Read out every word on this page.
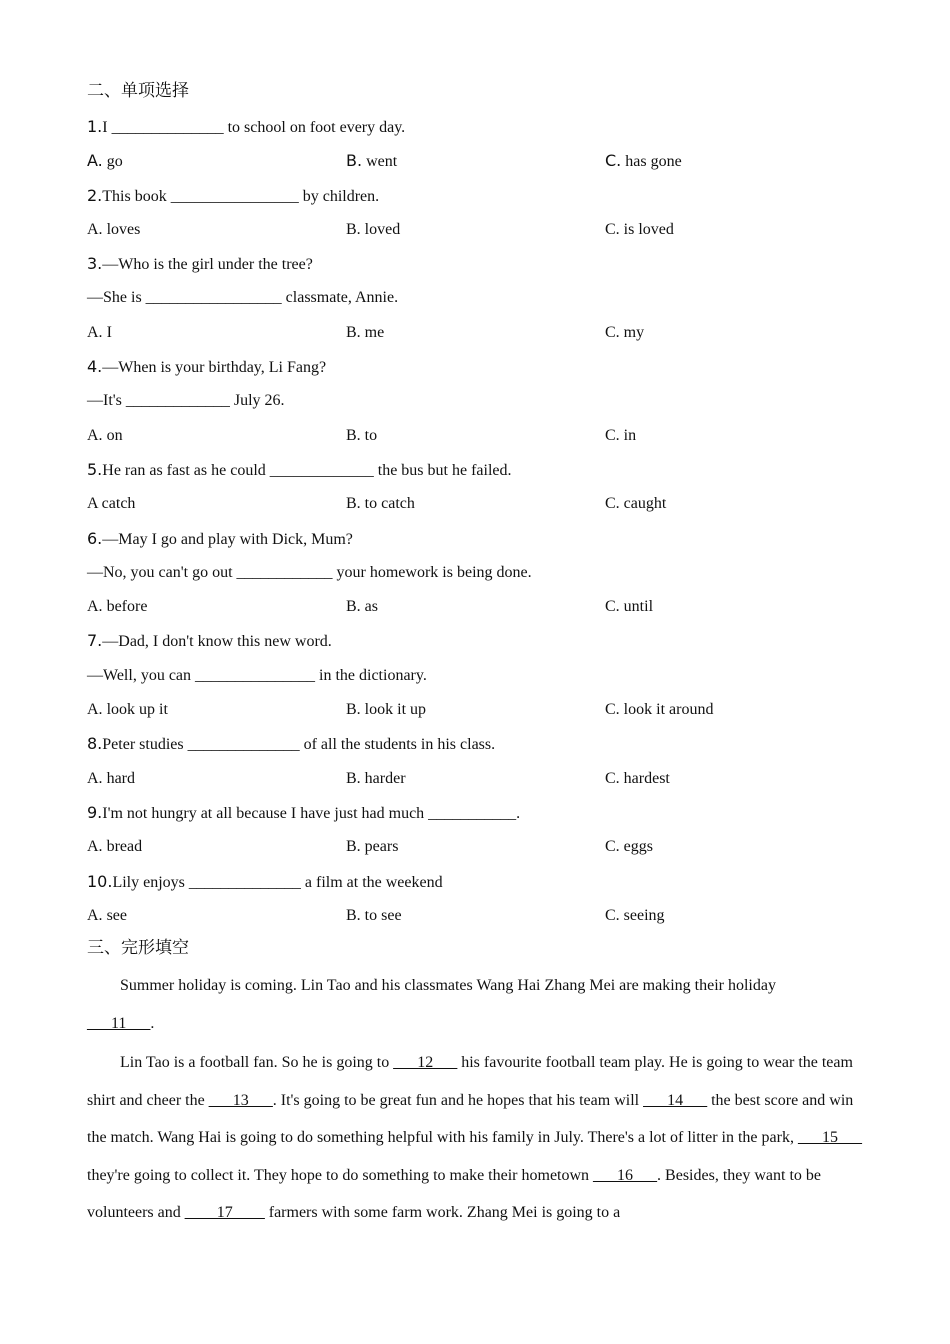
二、单项选择
1.I ______________ to school on foot every day.
A. go	B. went	C. has gone
2.This book ________________ by children.
A. loves	B. loved	C. is loved
3.—Who is the girl under the tree?
—She is _________________ classmate, Annie.
A. I	B. me	C. my
4.—When is your birthday, Li Fang?
—It's _____________ July 26.
A. on	B. to	C. in
5.He ran as fast as he could _____________ the bus but he failed.
A catch	B. to catch	C. caught
6.—May I go and play with Dick, Mum?
—No, you can't go out ____________ your homework is being done.
A. before	B. as	C. until
7.—Dad, I don't know this new word.
—Well, you can _______________ in the dictionary.
A. look up it	B. look it up	C. look it around
8.Peter studies ______________ of all the students in his class.
A. hard	B. harder	C. hardest
9.I'm not hungry at all because I have just had much ___________.
A. bread	B. pears	C. eggs
10.Lily enjoys ______________ a film at the weekend
A. see	B. to see	C. seeing
三、完形填空
Summer holiday is coming. Lin Tao and his classmates Wang Hai Zhang Mei are making their holiday
___11___.
Lin Tao is a football fan. So he is going to ___12___ his favourite football team play. He is going to wear the team shirt and cheer the ___13___. It's going to be great fun and he hopes that his team will ___14___ the best score and win the match. Wang Hai is going to do something helpful with his family in July. There's a lot of litter in the park, ___15___ they're going to collect it. They hope to do something to make their hometown ___16___. Besides, they want to be volunteers and ____17____ farmers with some farm work. Zhang Mei is going to a
